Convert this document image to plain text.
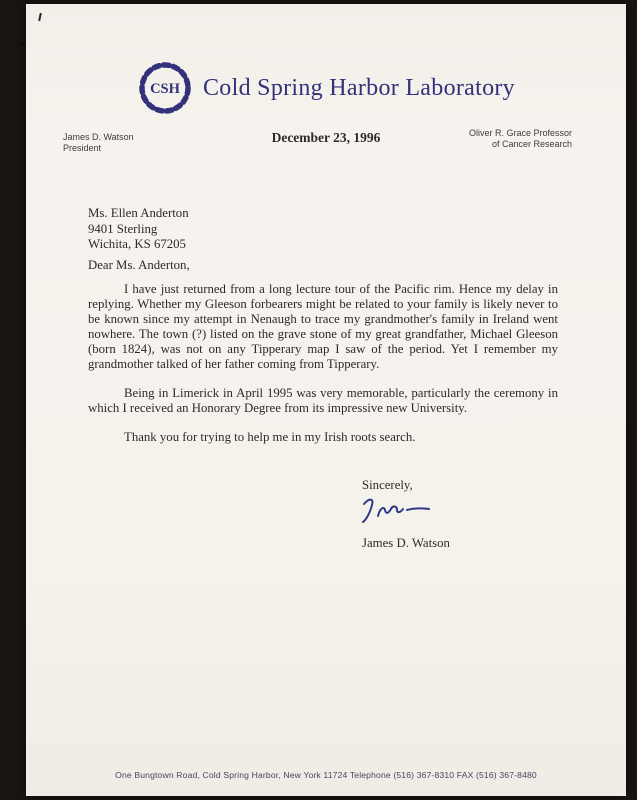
CSH Cold Spring Harbor Laboratory
James D. Watson
President
December 23, 1996	Oliver R. Grace Professor
of Cancer Research
Ms. Ellen Anderton
9401 Sterling
Wichita, KS 67205
Dear Ms. Anderton,

I have just returned from a long lecture tour of the Pacific rim. Hence my delay in replying. Whether my Gleeson forbearers might be related to your family is likely never to be known since my attempt in Nenaugh to trace my grandmother's family in Ireland went nowhere. The town (?) listed on the grave stone of my great grandfather, Michael Gleeson (born 1824), was not on any Tipperary map I saw of the period. Yet I remember my grandmother talked of her father coming from Tipperary.

Being in Limerick in April 1995 was very memorable, particularly the ceremony in which I received an Honorary Degree from its impressive new University.

Thank you for trying to help me in my Irish roots search.

Sincerely,
James D. Watson
One Bungtown Road, Cold Spring Harbor, New York 11724 Telephone (516) 367-8310 FAX (516) 367-8480
